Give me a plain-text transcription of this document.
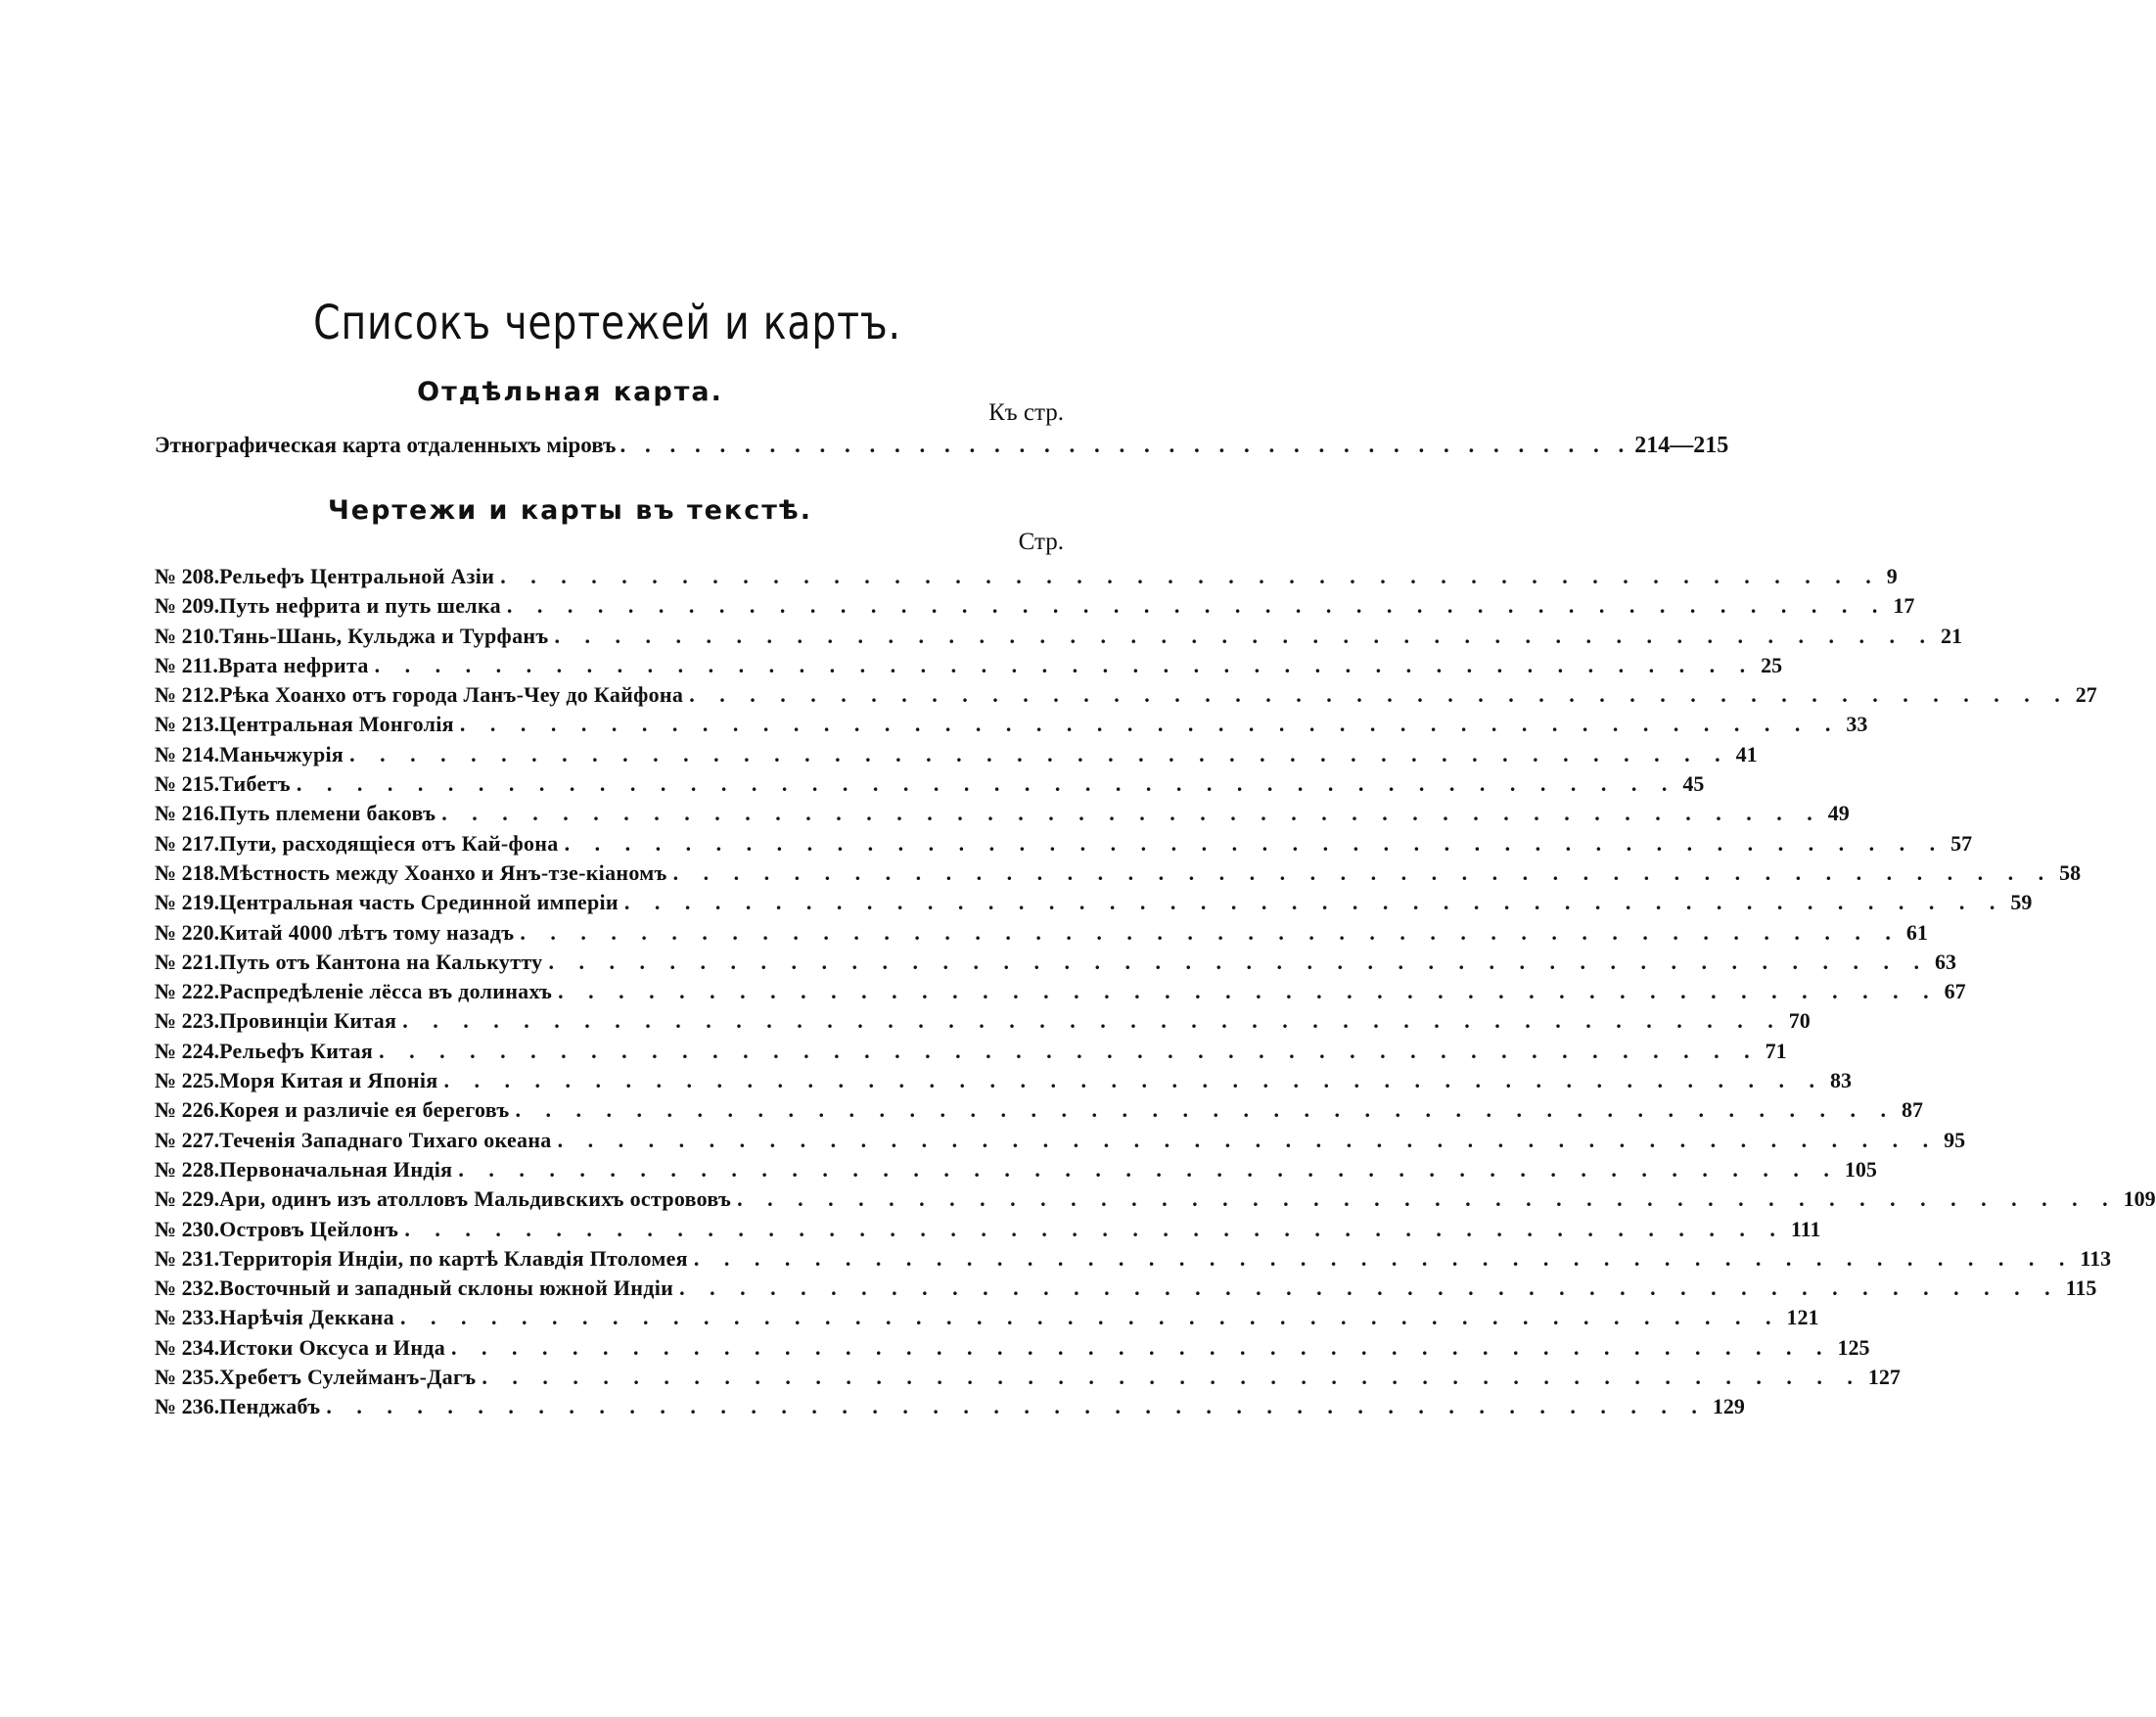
Списокъ чертежей и картъ.
Отдѣльная карта.
Къ стр.
Этнографическая карта отдаленныхъ міровъ . . . . . . . . . . . . . . . . . . . . . . . . . . . . . . . . . . . . . . . . . 214—215
Чертежи и карты въ текстѣ.
Стр.
№ 208. Рельефъ Центральной Азіи . . . . . . . . . . . . . . . . . . . . . . . . . . . . . . . . . . . . . . . . . . . . . . 9
№ 209. Путь нефрита и путь шелка . . . . . . . . . . . . . . . . . . . . . . . . . . . . . . . . . . . . . . . . . . . . . . 17
№ 210. Тянь-Шань, Кульджа и Турфанъ . . . . . . . . . . . . . . . . . . . . . . . . . . . . . . . . . . . . . . . . . . . . . . 21
№ 211. Врата нефрита . . . . . . . . . . . . . . . . . . . . . . . . . . . . . . . . . . . . . . . . . . . . . . 25
№ 212. Рѣка Хоанхо отъ города Ланъ-Чеу до Кайфона . . . . . . . . . . . . . . . . . . . . . . . . . . . . . . . . . . . . . . . . . . . . . . 27
№ 213. Центральная Монголія . . . . . . . . . . . . . . . . . . . . . . . . . . . . . . . . . . . . . . . . . . . . . . 33
№ 214. Маньчжурія . . . . . . . . . . . . . . . . . . . . . . . . . . . . . . . . . . . . . . . . . . . . . . 41
№ 215. Тибетъ . . . . . . . . . . . . . . . . . . . . . . . . . . . . . . . . . . . . . . . . . . . . . . 45
№ 216. Путь племени баковъ . . . . . . . . . . . . . . . . . . . . . . . . . . . . . . . . . . . . . . . . . . . . . . 49
№ 217. Пути, расходящіеся отъ Кай-фона . . . . . . . . . . . . . . . . . . . . . . . . . . . . . . . . . . . . . . . . . . . . . . 57
№ 218. Мѣстность между Хоанхо и Янъ-тзе-кіаномъ . . . . . . . . . . . . . . . . . . . . . . . . . . . . . . . . . . . . . . . . . . . . . . 58
№ 219. Центральная часть Срединной имперіи . . . . . . . . . . . . . . . . . . . . . . . . . . . . . . . . . . . . . . . . . . . . . . 59
№ 220. Китай 4000 лѣтъ тому назадъ . . . . . . . . . . . . . . . . . . . . . . . . . . . . . . . . . . . . . . . . . . . . . . 61
№ 221. Путь отъ Кантона на Калькутту . . . . . . . . . . . . . . . . . . . . . . . . . . . . . . . . . . . . . . . . . . . . . . 63
№ 222. Распредѣленіе лёсса въ долинахъ . . . . . . . . . . . . . . . . . . . . . . . . . . . . . . . . . . . . . . . . . . . . . . 67
№ 223. Провинціи Китая . . . . . . . . . . . . . . . . . . . . . . . . . . . . . . . . . . . . . . . . . . . . . . 70
№ 224. Рельефъ Китая . . . . . . . . . . . . . . . . . . . . . . . . . . . . . . . . . . . . . . . . . . . . . . 71
№ 225. Моря Китая и Японія . . . . . . . . . . . . . . . . . . . . . . . . . . . . . . . . . . . . . . . . . . . . . . 83
№ 226. Корея и различіе ея береговъ . . . . . . . . . . . . . . . . . . . . . . . . . . . . . . . . . . . . . . . . . . . . . . 87
№ 227. Теченія Западнаго Тихаго океана . . . . . . . . . . . . . . . . . . . . . . . . . . . . . . . . . . . . . . . . . . . . . . 95
№ 228. Первоначальная Индія . . . . . . . . . . . . . . . . . . . . . . . . . . . . . . . . . . . . . . . . . . . . . . 105
№ 229. Ари, одинъ изъ атолловъ Мальдивскихъ острововъ . . . . . . . . . . . . . . . . . . . . . . . . . . . . . . . . . . . . . . . . . . . . . . 109
№ 230. Островъ Цейлонъ . . . . . . . . . . . . . . . . . . . . . . . . . . . . . . . . . . . . . . . . . . . . . . 111
№ 231. Территорія Индіи, по картѣ Клавдія Птоломея . . . . . . . . . . . . . . . . . . . . . . . . . . . . . . . . . . . . . . . . . . . . . . 113
№ 232. Восточный и западный склоны южной Индіи . . . . . . . . . . . . . . . . . . . . . . . . . . . . . . . . . . . . . . . . . . . . . . 115
№ 233. Нарѣчія Деккана . . . . . . . . . . . . . . . . . . . . . . . . . . . . . . . . . . . . . . . . . . . . . . 121
№ 234. Истоки Оксуса и Инда . . . . . . . . . . . . . . . . . . . . . . . . . . . . . . . . . . . . . . . . . . . . . . 125
№ 235. Хребетъ Сулейманъ-Дагъ . . . . . . . . . . . . . . . . . . . . . . . . . . . . . . . . . . . . . . . . . . . . . . 127
№ 236. Пенджабъ . . . . . . . . . . . . . . . . . . . . . . . . . . . . . . . . . . . . . . . . . . . . . . 129
